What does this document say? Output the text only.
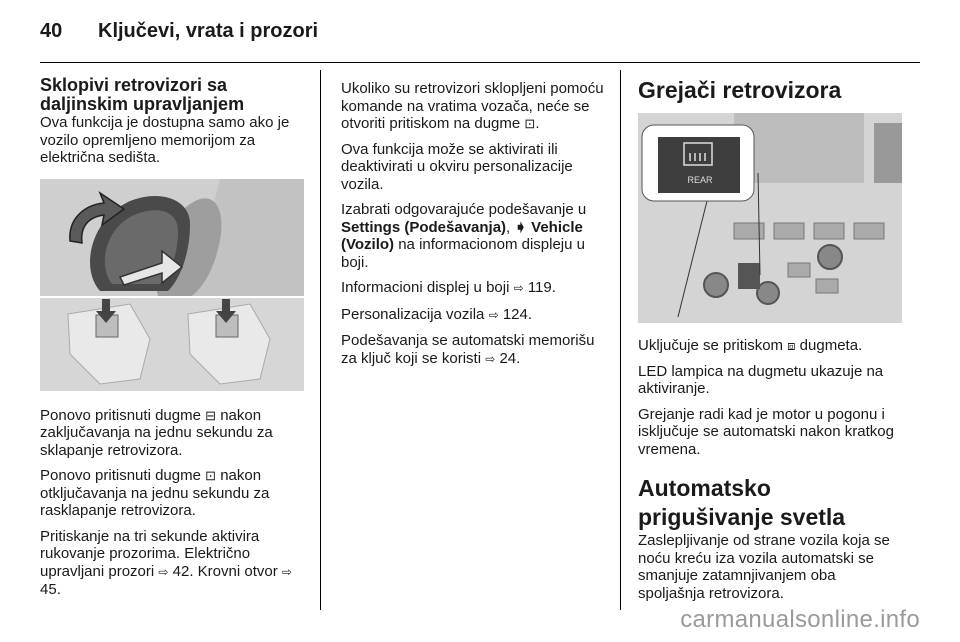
40 Ključevi, vrata i prozori
Sklopivi retrovizori sa daljinskim upravljanjem

Ova funkcija je dostupna samo ako je vozilo opremljeno memorijom za električna sedišta.

Ponovo pritisnuti dugme ⊟ nakon zaključavanja na jednu sekundu za sklapanje retrovizora.

Ponovo pritisnuti dugme ⊡ nakon otključavanja na jednu sekundu za rasklapanje retrovizora.

Pritiskanje na tri sekunde aktivira rukovanje prozorima. Električno upravljani prozori ⇨ 42. Krovni otvor ⇨ 45.

Ukoliko su retrovizori sklopljeni pomoću komande na vratima vozača, neće se otvoriti pritiskom na dugme ⊡.

Ova funkcija može se aktivirati ili deaktivirati u okviru personalizacije vozila.

Izabrati odgovarajuće podešavanje u Settings (Podešavanja), ➧ Vehicle (Vozilo) na informacionom displeju u boji.

Informacioni displej u boji ⇨ 119.

Personalizacija vozila ⇨ 124.

Podešavanja se automatski memorišu za ključ koji se koristi ⇨ 24.

Grejači retrovizora
REAR

Uključuje se pritiskom ⧈ dugmeta.

LED lampica na dugmetu ukazuje na aktiviranje.

Grejanje radi kad je motor u pogonu i isključuje se automatski nakon kratkog vremena.

Automatsko prigušivanje svetla

Zaslepljivanje od strane vozila koja se noću kreću iza vozila automatski se smanjuje zatamnjivanjem oba spoljašnja retrovizora.

carmanualsonline.info
